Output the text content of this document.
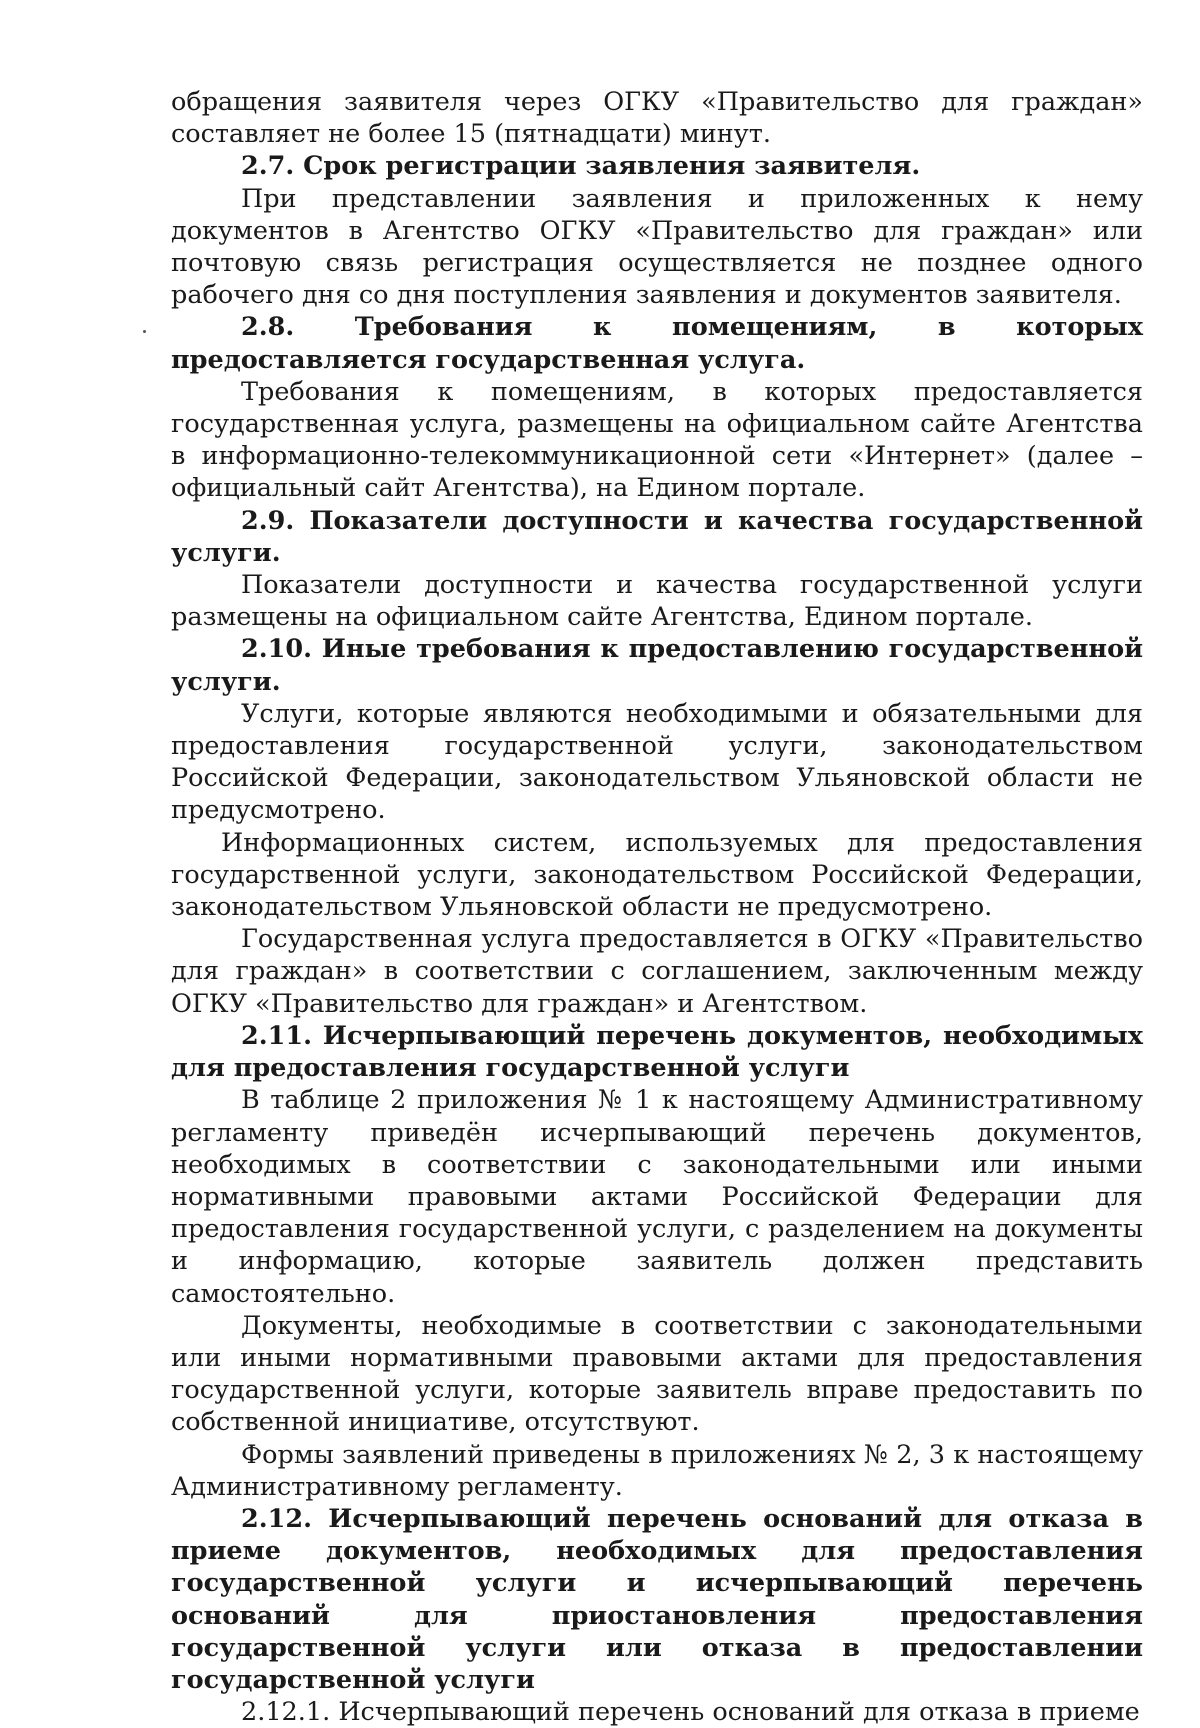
обращения заявителя через ОГКУ «Правительство для граждан» составляет не более 15 (пятнадцати) минут.

2.7. Срок регистрации заявления заявителя.

При представлении заявления и приложенных к нему документов в Агентство ОГКУ «Правительство для граждан» или почтовую связь регистрация осуществляется не позднее одного рабочего дня со дня поступления заявления и документов заявителя.

2.8. Требования к помещениям, в которых предоставляется государственная услуга.

Требования к помещениям, в которых предоставляется государственная услуга, размещены на официальном сайте Агентства в информационно-телекоммуникационной сети «Интернет» (далее – официальный сайт Агентства), на Едином портале.

2.9. Показатели доступности и качества государственной услуги.

Показатели доступности и качества государственной услуги размещены на официальном сайте Агентства, Едином портале.

2.10. Иные требования к предоставлению государственной услуги.

Услуги, которые являются необходимыми и обязательными для предоставления государственной услуги, законодательством Российской Федерации, законодательством Ульяновской области не предусмотрено.

Информационных систем, используемых для предоставления государственной услуги, законодательством Российской Федерации, законодательством Ульяновской области не предусмотрено.

Государственная услуга предоставляется в ОГКУ «Правительство для граждан» в соответствии с соглашением, заключенным между ОГКУ «Правительство для граждан» и Агентством.

2.11. Исчерпывающий перечень документов, необходимых для предоставления государственной услуги

В таблице 2 приложения № 1 к настоящему Административному регламенту приведён исчерпывающий перечень документов, необходимых в соответствии с законодательными или иными нормативными правовыми актами Российской Федерации для предоставления государственной услуги, с разделением на документы и информацию, которые заявитель должен представить самостоятельно.

Документы, необходимые в соответствии с законодательными или иными нормативными правовыми актами для предоставления государственной услуги, которые заявитель вправе предоставить по собственной инициативе, отсутствуют.

Формы заявлений приведены в приложениях № 2, 3 к настоящему Административному регламенту.

2.12. Исчерпывающий перечень оснований для отказа в приеме документов, необходимых для предоставления государственной услуги и исчерпывающий перечень оснований для приостановления предоставления государственной услуги или отказа в предоставлении государственной услуги

2.12.1. Исчерпывающий перечень оснований для отказа в приеме
